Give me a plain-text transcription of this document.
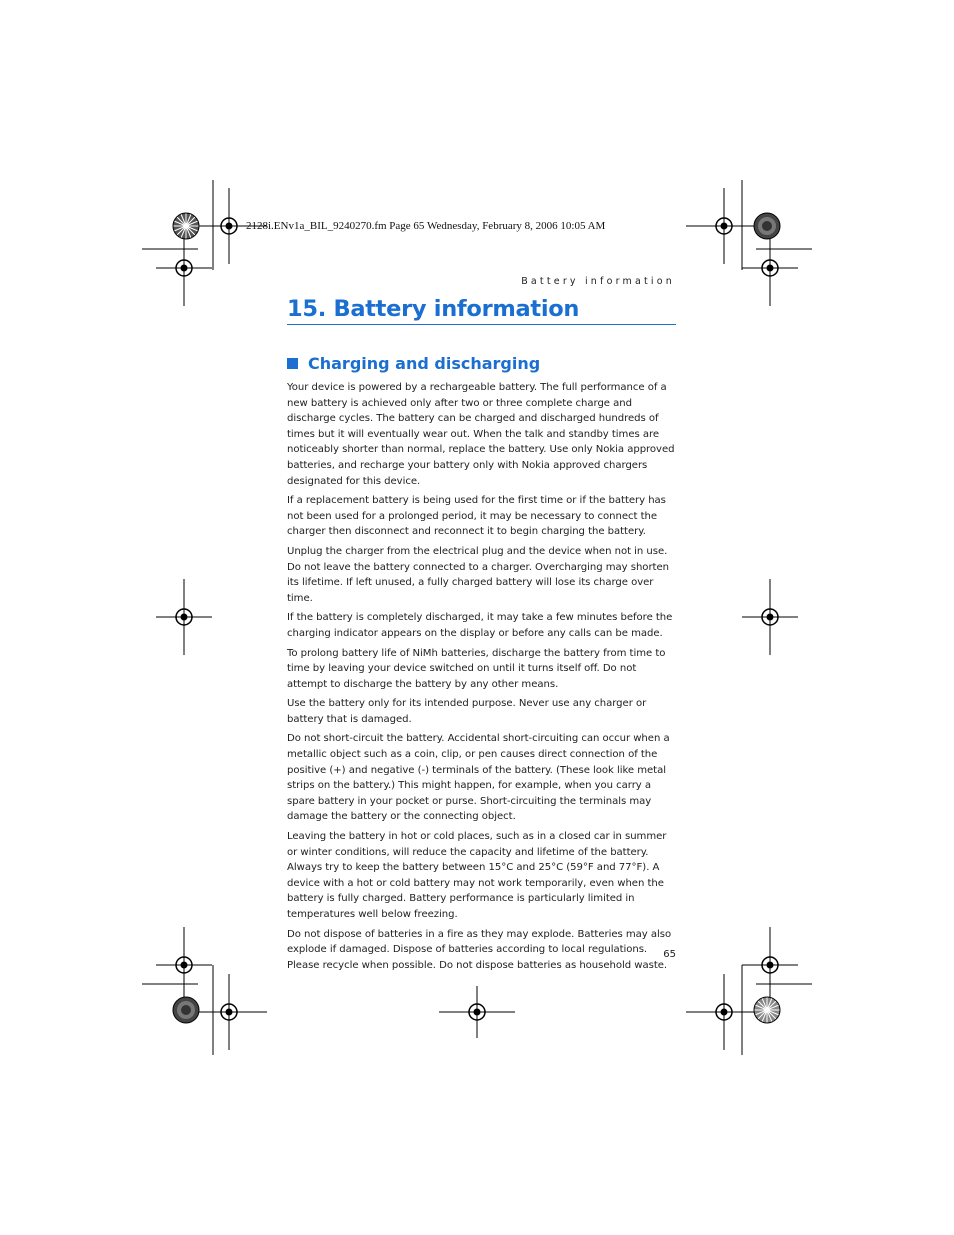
2128i.ENv1a_BIL_9240270.fm Page 65 Wednesday, February 8, 2006 10:05 AM
Battery information
15. Battery information
Charging and discharging

Your device is powered by a rechargeable battery. The full performance of a new battery is achieved only after two or three complete charge and discharge cycles. The battery can be charged and discharged hundreds of times but it will eventually wear out. When the talk and standby times are noticeably shorter than normal, replace the battery. Use only Nokia approved batteries, and recharge your battery only with Nokia approved chargers designated for this device.

If a replacement battery is being used for the first time or if the battery has not been used for a prolonged period, it may be necessary to connect the charger then disconnect and reconnect it to begin charging the battery.

Unplug the charger from the electrical plug and the device when not in use. Do not leave the battery connected to a charger. Overcharging may shorten its lifetime. If left unused, a fully charged battery will lose its charge over time.

If the battery is completely discharged, it may take a few minutes before the charging indicator appears on the display or before any calls can be made.

To prolong battery life of NiMh batteries, discharge the battery from time to time by leaving your device switched on until it turns itself off. Do not attempt to discharge the battery by any other means.

Use the battery only for its intended purpose. Never use any charger or battery that is damaged.

Do not short-circuit the battery. Accidental short-circuiting can occur when a metallic object such as a coin, clip, or pen causes direct connection of the positive (+) and negative (-) terminals of the battery. (These look like metal strips on the battery.) This might happen, for example, when you carry a spare battery in your pocket or purse. Short-circuiting the terminals may damage the battery or the connecting object.

Leaving the battery in hot or cold places, such as in a closed car in summer or winter conditions, will reduce the capacity and lifetime of the battery. Always try to keep the battery between 15°C and 25°C (59°F and 77°F). A device with a hot or cold battery may not work temporarily, even when the battery is fully charged. Battery performance is particularly limited in temperatures well below freezing.

Do not dispose of batteries in a fire as they may explode. Batteries may also explode if damaged. Dispose of batteries according to local regulations. Please recycle when possible. Do not dispose batteries as household waste.

65
